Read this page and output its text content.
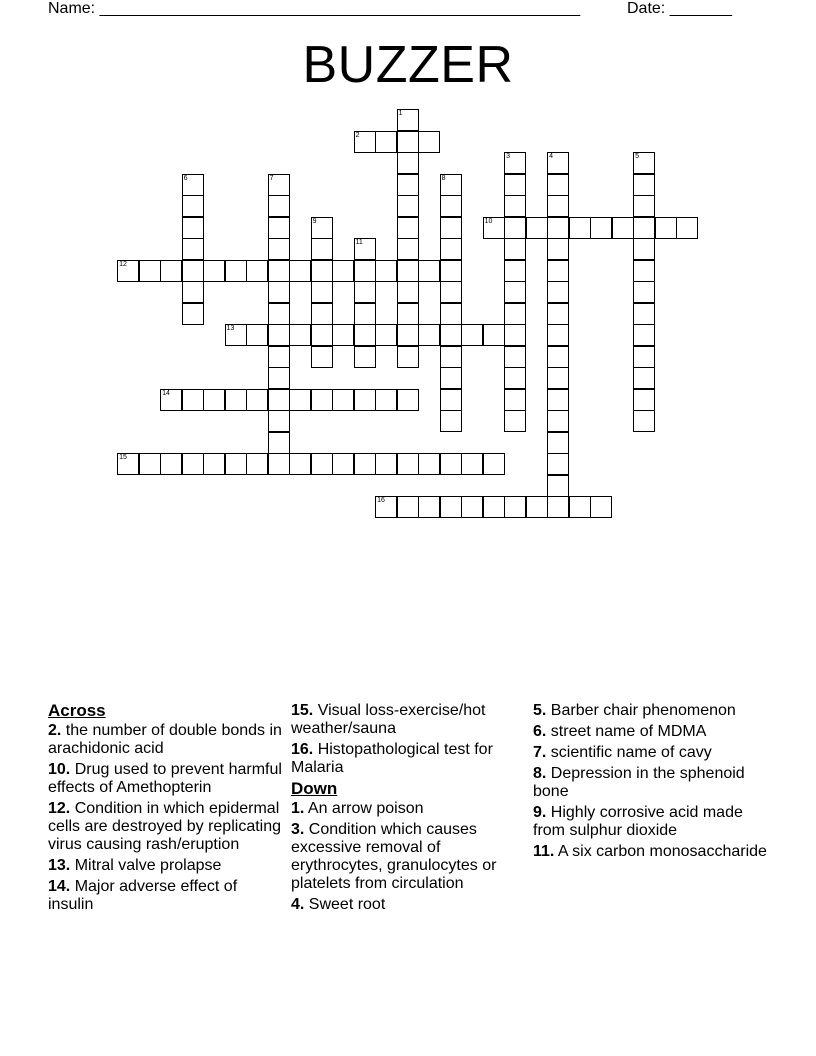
Name: ______________________________________________________	Date: _______
BUZZER
1
2
3	4	5
6	7	8
9	10
11
12
13
14
15
16
Across
2. the number of double bonds in arachidonic acid
10. Drug used to prevent harmful effects of Amethopterin
12. Condition in which epidermal cells are destroyed by replicating virus causing rash/eruption
13. Mitral valve prolapse
14. Major adverse effect of insulin
15. Visual loss-exercise/hot weather/sauna
16. Histopathological test for Malaria
Down
1. An arrow poison
3. Condition which causes excessive removal of erythrocytes, granulocytes or platelets from circulation
4. Sweet root
5. Barber chair phenomenon
6. street name of MDMA
7. scientific name of cavy
8. Depression in the sphenoid bone
9. Highly corrosive acid made from sulphur dioxide
11. A six carbon monosaccharide
